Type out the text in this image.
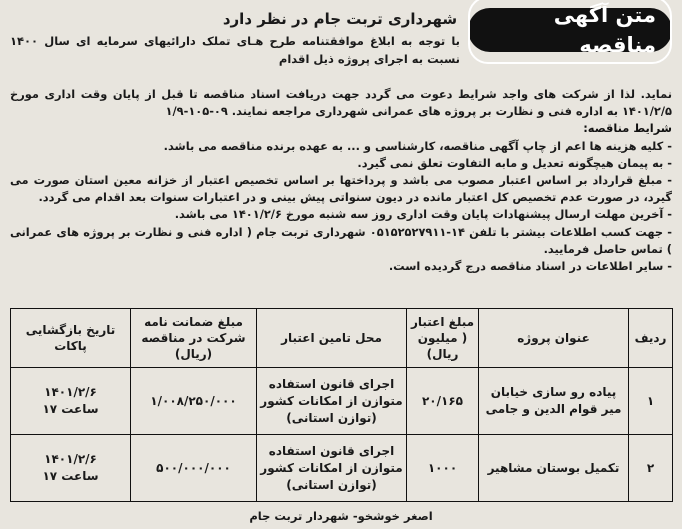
متن آگهی مناقصه
شهرداری تربت جام در نظر دارد
با توجه به ابلاغ موافقتنامه طرح هـای تملک دارائیهای سرمایه ای سال ۱۴۰۰ نسبت به اجرای پروژه ذیل اقدام

نماید. لذا از شرکت های واجد شرایط دعوت می گردد جهت دریافت اسناد مناقصه تا قبل از پایان وقت اداری مورخ ۱۴۰۱/۲/۵ به اداره فنی و نظارت بر پروژه های عمرانی شهرداری مراجعه نمایند. ۰۹-۱۰۵-۱/۹

شرایط مناقصه:

- کلیه هزینه ها اعم از چاپ آگهی مناقصه، کارشناسی و ... به عهده برنده مناقصه می باشد.

- به پیمان هیچگونه تعدیل و مابه التفاوت تعلق نمی گیرد.

- مبلغ قرارداد بر اساس اعتبار مصوب می باشد و پرداختها بر اساس تخصیص اعتبار از خزانه معین استان صورت می گیرد، در صورت عدم تخصیص کل اعتبار مانده در دیون سنواتی پیش بینی و در اعتبارات سنوات بعد اقدام می گردد.

- آخرین مهلت ارسال پیشنهادات پایان وقت اداری روز سه شنبه مورخ ۱۴۰۱/۲/۶ می باشد.

- جهت کسب اطلاعات بیشتر با تلفن ۱۴-۰۵۱۵۲۵۲۷۹۱۱ شهرداری تربت جام ( اداره فنی و نظارت بر پروژه های عمرانی ) تماس حاصل فرمایید.

- سایر اطلاعات در اسناد مناقصه درج گردیده است.

ردیف	عنوان پروژه	مبلغ اعتبار ( میلیون ریال)	محل تامین اعتبار	مبلغ ضمانت نامه شرکت در مناقصه (ریال)	تاریخ بازگشایی پاکات
۱	پیاده رو سازی خیابان میر قوام الدین و جامی	۲۰/۱۶۵	اجرای قانون استفاده متوازن از امکانات کشور (توازن استانی)	۱/۰۰۸/۲۵۰/۰۰۰	۱۴۰۱/۲/۶
ساعت ۱۷

۲	تکمیل بوستان مشاهیر	۱۰۰۰	اجرای قانون استفاده متوازن از امکانات کشور (توازن استانی)	۵۰۰/۰۰۰/۰۰۰	۱۴۰۱/۲/۶
ساعت ۱۷
اصغر خوشخو- شهردار تربت جام
